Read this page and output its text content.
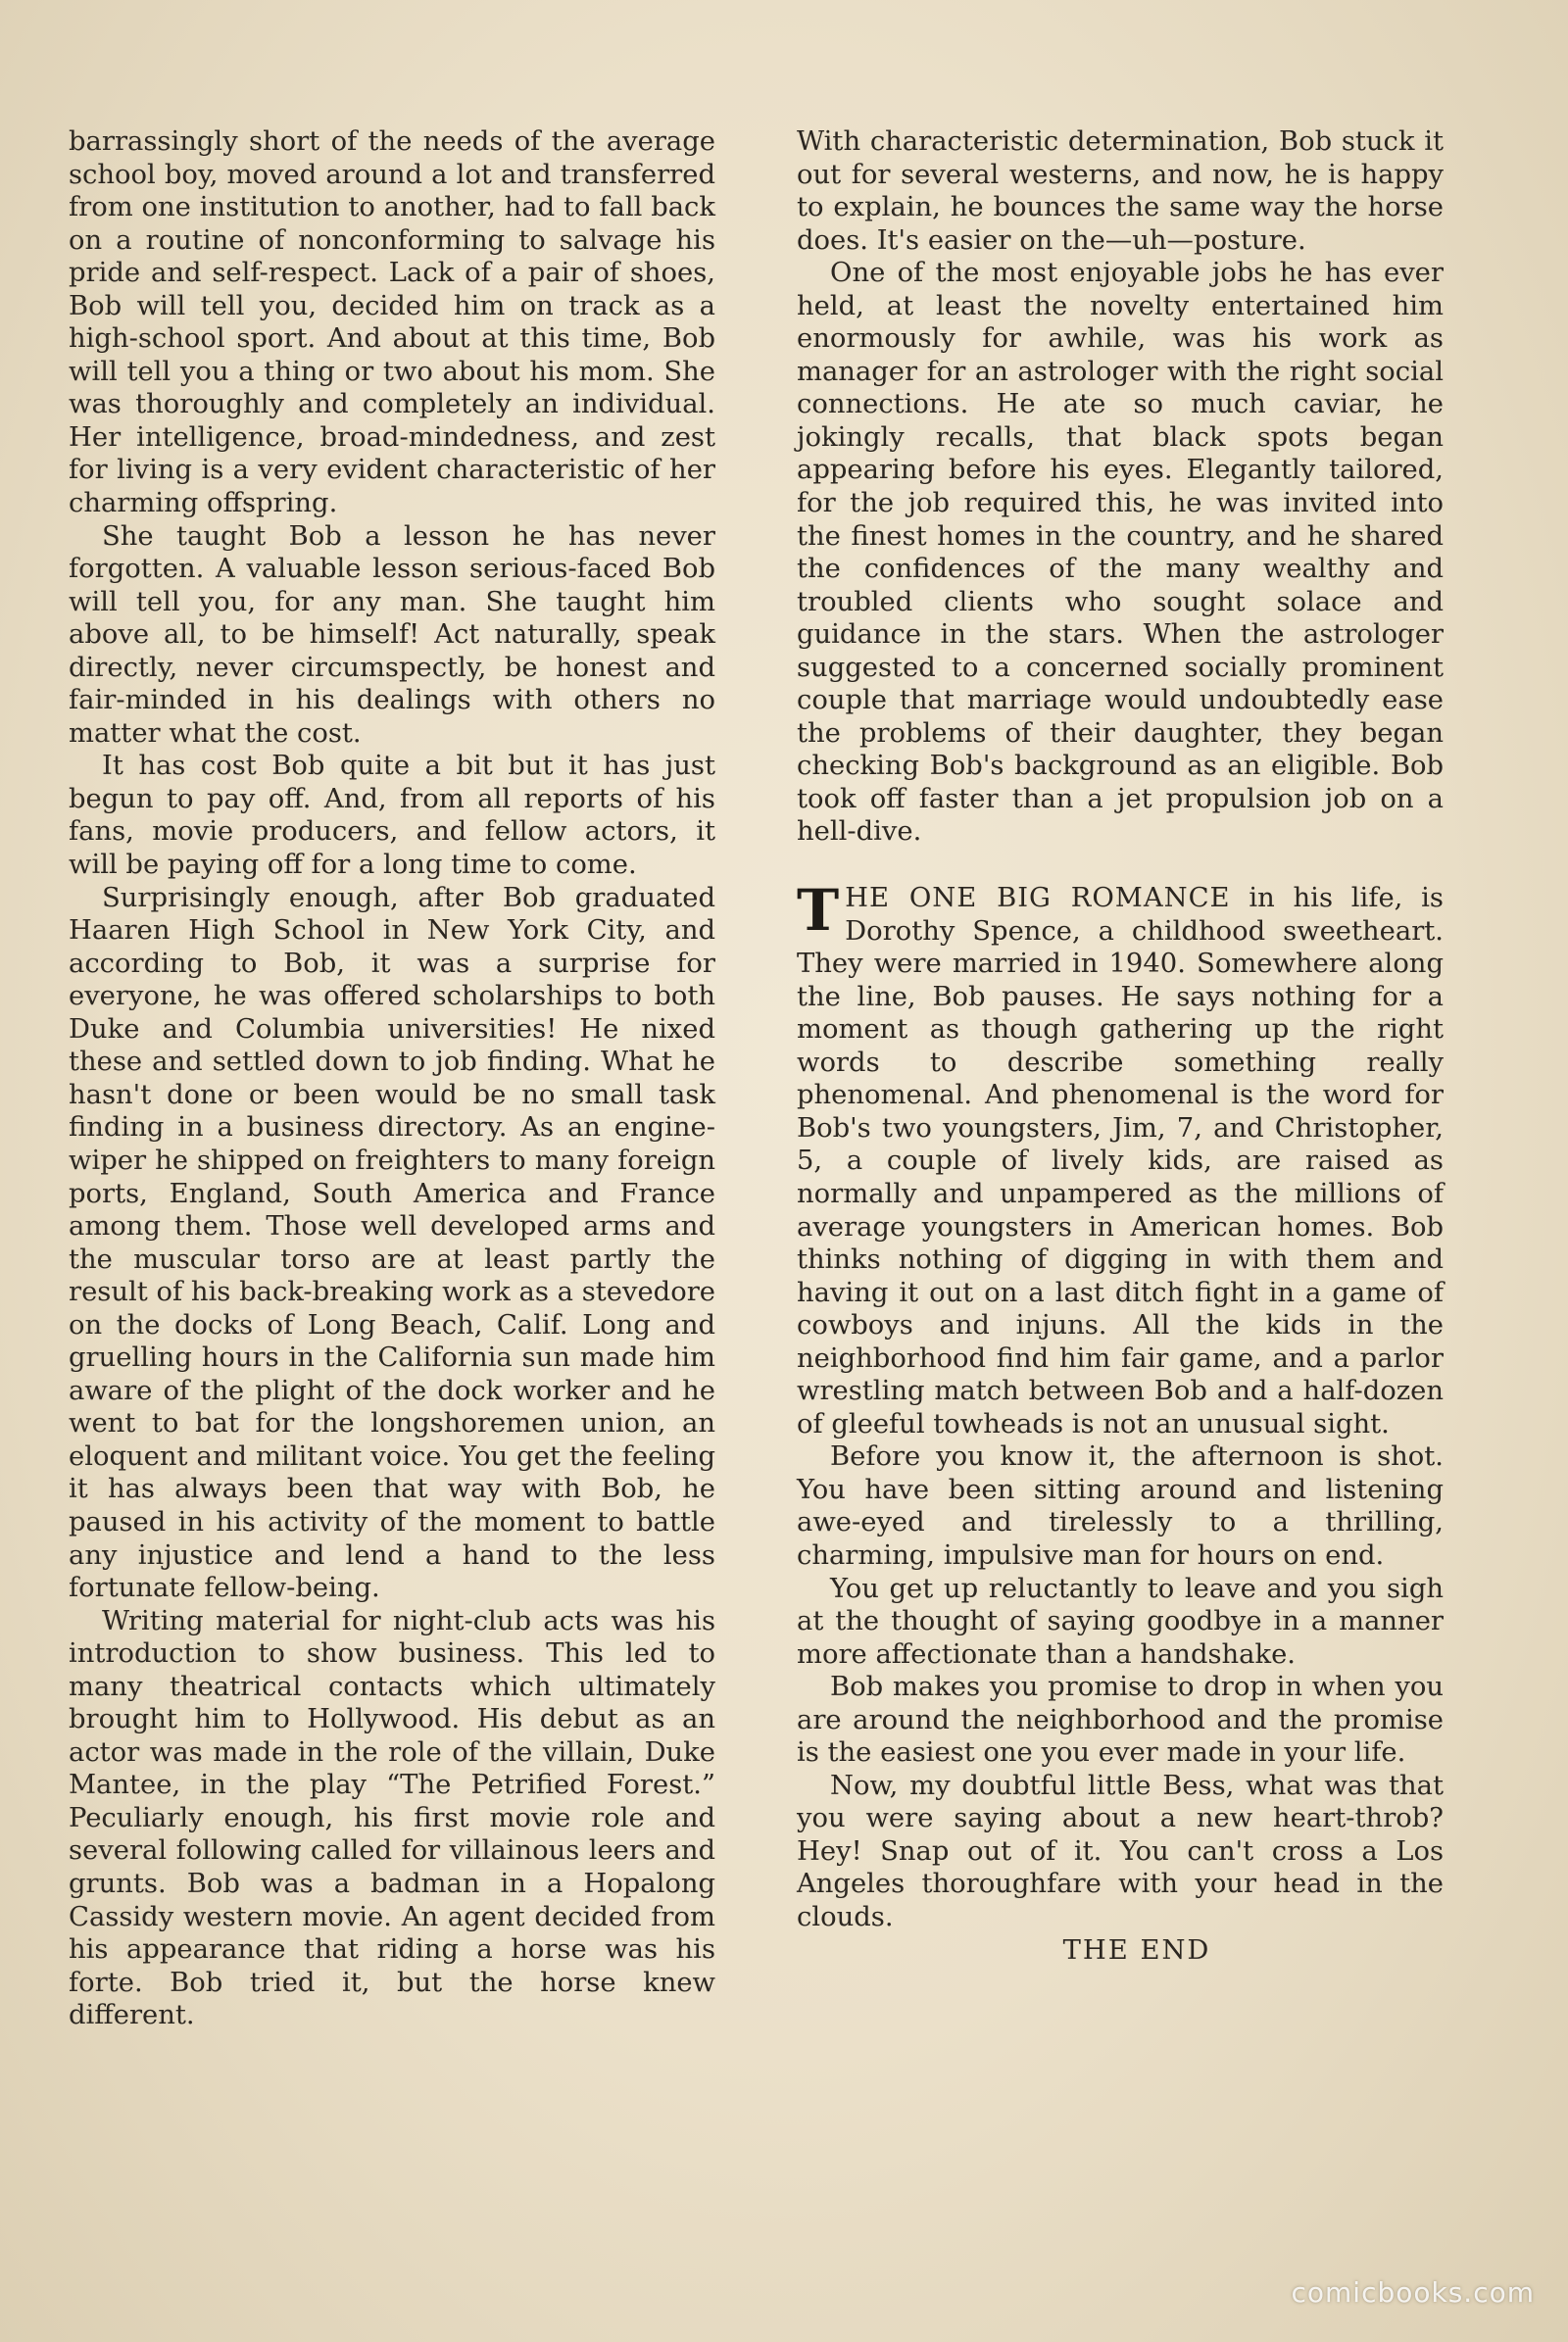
barrassingly short of the needs of the average school boy, moved around a lot and transferred from one institution to another, had to fall back on a routine of nonconforming to salvage his pride and self-respect. Lack of a pair of shoes, Bob will tell you, decided him on track as a high-school sport. And about at this time, Bob will tell you a thing or two about his mom. She was thoroughly and completely an individual. Her intelligence, broad-mindedness, and zest for living is a very evident characteristic of her charming offspring.

She taught Bob a lesson he has never forgotten. A valuable lesson serious-faced Bob will tell you, for any man. She taught him above all, to be himself! Act naturally, speak directly, never circumspectly, be honest and fair-minded in his dealings with others no matter what the cost.

It has cost Bob quite a bit but it has just begun to pay off. And, from all reports of his fans, movie producers, and fellow actors, it will be paying off for a long time to come.

Surprisingly enough, after Bob graduated Haaren High School in New York City, and according to Bob, it was a surprise for everyone, he was offered scholarships to both Duke and Columbia universities! He nixed these and settled down to job finding. What he hasn't done or been would be no small task finding in a business directory. As an engine-wiper he shipped on freighters to many foreign ports, England, South America and France among them. Those well developed arms and the muscular torso are at least partly the result of his back-breaking work as a stevedore on the docks of Long Beach, Calif. Long and gruelling hours in the California sun made him aware of the plight of the dock worker and he went to bat for the longshoremen union, an eloquent and militant voice. You get the feeling it has always been that way with Bob, he paused in his activity of the moment to battle any injustice and lend a hand to the less fortunate fellow-being.

Writing material for night-club acts was his introduction to show business. This led to many theatrical contacts which ultimately brought him to Hollywood. His debut as an actor was made in the role of the villain, Duke Mantee, in the play “The Petrified Forest.” Peculiarly enough, his first movie role and several following called for villainous leers and grunts. Bob was a badman in a Hopalong Cassidy western movie. An agent decided from his appearance that riding a horse was his forte. Bob tried it, but the horse knew different.

With characteristic determination, Bob stuck it out for several westerns, and now, he is happy to explain, he bounces the same way the horse does. It's easier on the—uh—posture.

One of the most enjoyable jobs he has ever held, at least the novelty entertained him enormously for awhile, was his work as manager for an astrologer with the right social connections. He ate so much caviar, he jokingly recalls, that black spots began appearing before his eyes. Elegantly tailored, for the job required this, he was invited into the finest homes in the country, and he shared the confidences of the many wealthy and troubled clients who sought solace and guidance in the stars. When the astrologer suggested to a concerned socially prominent couple that marriage would undoubtedly ease the problems of their daughter, they began checking Bob's background as an eligible. Bob took off faster than a jet propulsion job on a hell-dive.

THE ONE BIG ROMANCE in his life, is Dorothy Spence, a childhood sweetheart. They were married in 1940. Somewhere along the line, Bob pauses. He says nothing for a moment as though gathering up the right words to describe something really phenomenal. And phenomenal is the word for Bob's two youngsters, Jim, 7, and Christopher, 5, a couple of lively kids, are raised as normally and unpampered as the millions of average youngsters in American homes. Bob thinks nothing of digging in with them and having it out on a last ditch fight in a game of cowboys and injuns. All the kids in the neighborhood find him fair game, and a parlor wrestling match between Bob and a half-dozen of gleeful towheads is not an unusual sight.

Before you know it, the afternoon is shot. You have been sitting around and listening awe-eyed and tirelessly to a thrilling, charming, impulsive man for hours on end.

You get up reluctantly to leave and you sigh at the thought of saying goodbye in a manner more affectionate than a handshake.

Bob makes you promise to drop in when you are around the neighborhood and the promise is the easiest one you ever made in your life.

Now, my doubtful little Bess, what was that you were saying about a new heart-throb? Hey! Snap out of it. You can't cross a Los Angeles thoroughfare with your head in the clouds.

THE END

comicbooks.com
